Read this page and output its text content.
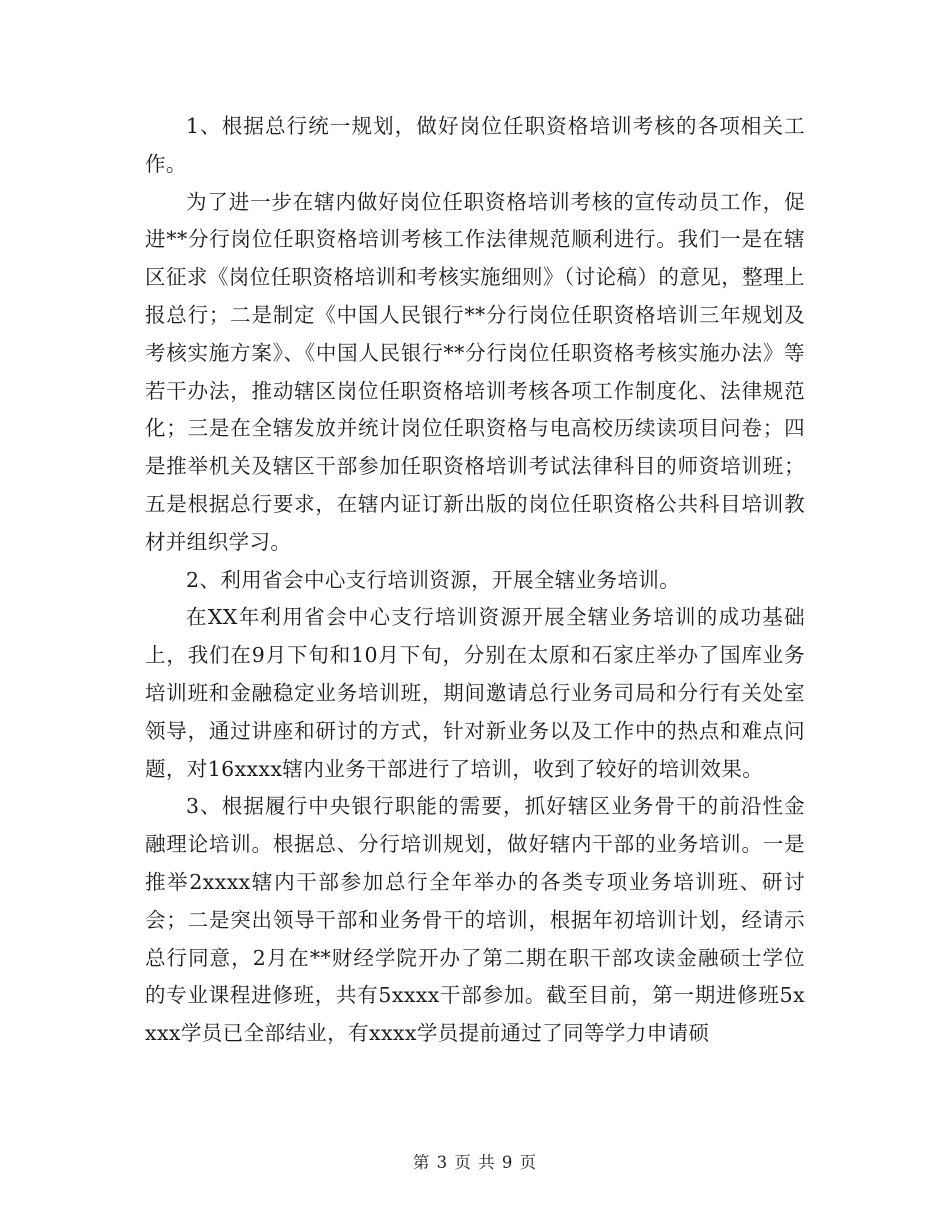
1、根据总行统一规划，做好岗位任职资格培训考核的各项相关工作。

为了进一步在辖内做好岗位任职资格培训考核的宣传动员工作，促进**分行岗位任职资格培训考核工作法律规范顺利进行。我们一是在辖区征求《岗位任职资格培训和考核实施细则》（讨论稿）的意见，整理上报总行；二是制定《中国人民银行**分行岗位任职资格培训三年规划及考核实施方案》、《中国人民银行**分行岗位任职资格考核实施办法》等若干办法，推动辖区岗位任职资格培训考核各项工作制度化、法律规范化；三是在全辖发放并统计岗位任职资格与电高校历续读项目问卷；四是推举机关及辖区干部参加任职资格培训考试法律科目的师资培训班；五是根据总行要求，在辖内证订新出版的岗位任职资格公共科目培训教材并组织学习。

2、利用省会中心支行培训资源，开展全辖业务培训。

在XX年利用省会中心支行培训资源开展全辖业务培训的成功基础上，我们在9月下旬和10月下旬，分别在太原和石家庄举办了国库业务培训班和金融稳定业务培训班，期间邀请总行业务司局和分行有关处室领导，通过讲座和研讨的方式，针对新业务以及工作中的热点和难点问题，对16xxxx辖内业务干部进行了培训，收到了较好的培训效果。

3、根据履行中央银行职能的需要，抓好辖区业务骨干的前沿性金融理论培训。根据总、分行培训规划，做好辖内干部的业务培训。一是推举2xxxx辖内干部参加总行全年举办的各类专项业务培训班、研讨会；二是突出领导干部和业务骨干的培训，根据年初培训计划，经请示总行同意，2月在**财经学院开办了第二期在职干部攻读金融硕士学位的专业课程进修班，共有5xxxx干部参加。截至目前，第一期进修班5xxxx学员已全部结业，有xxxx学员提前通过了同等学力申请硕

第 3 页 共 9 页
